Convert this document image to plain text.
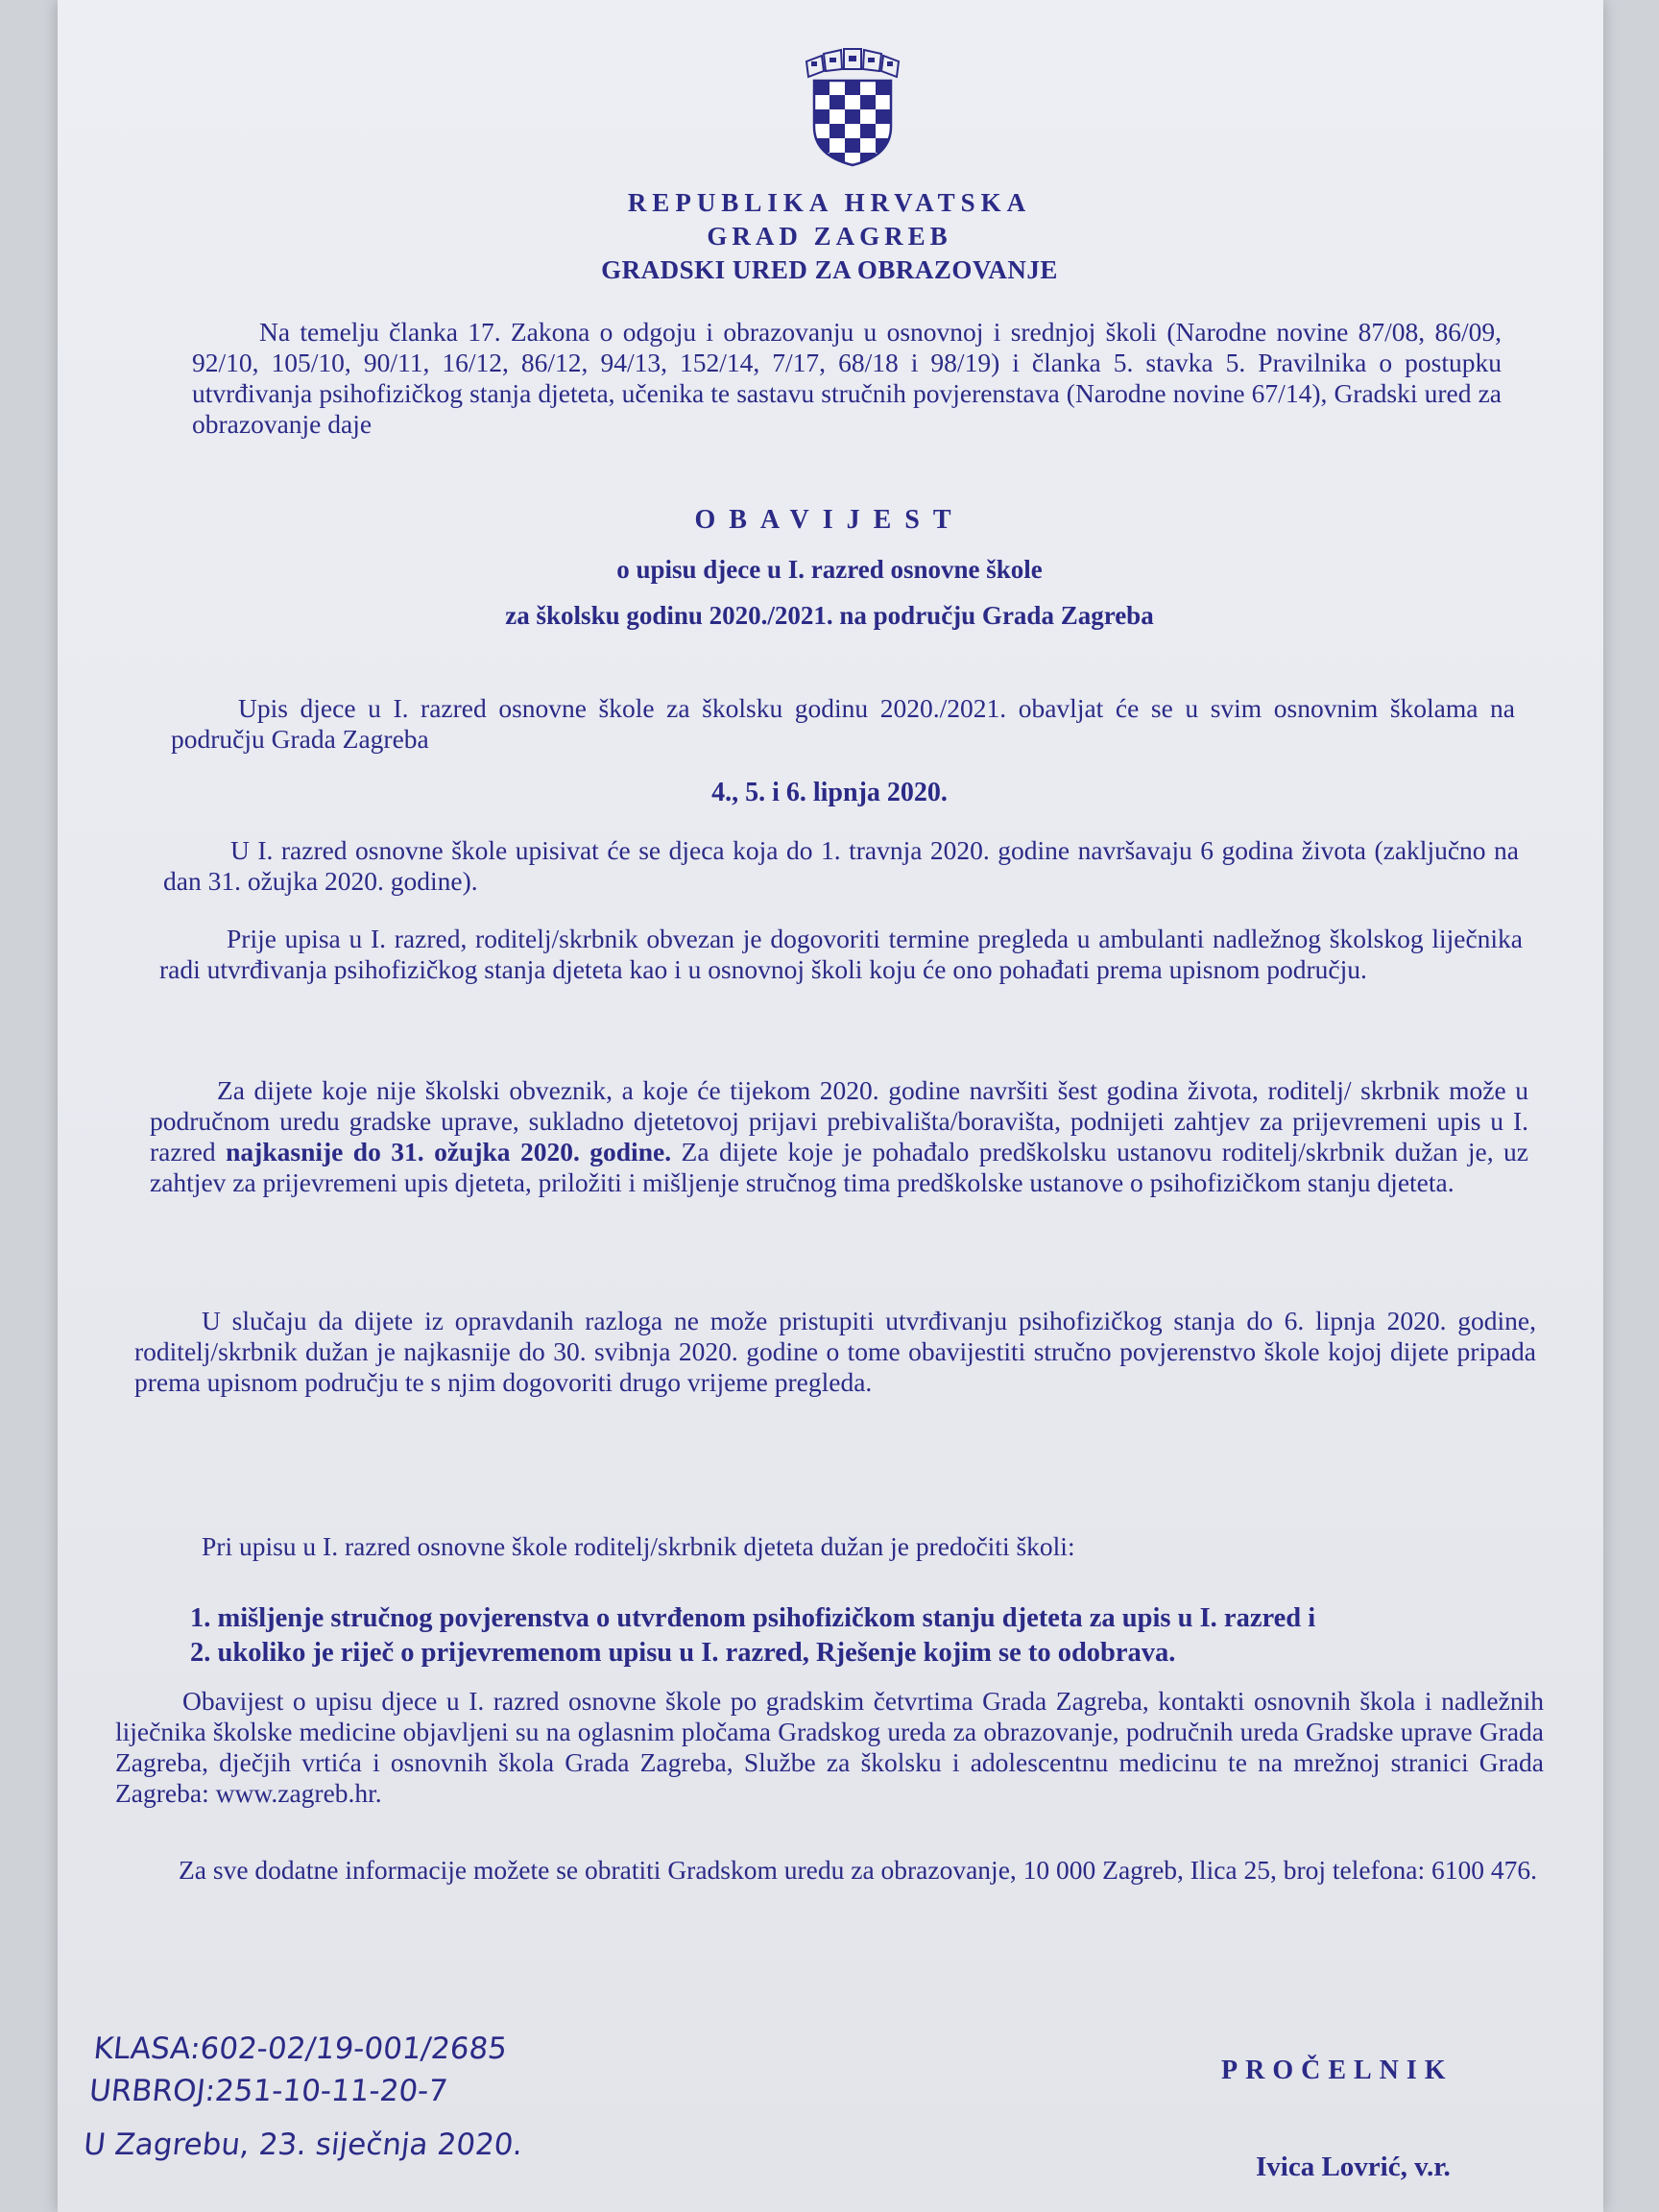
REPUBLIKA HRVATSKA
GRAD ZAGREB
GRADSKI URED ZA OBRAZOVANJE

Na temelju članka 17. Zakona o odgoju i obrazovanju u osnovnoj i srednjoj školi (Narodne novine 87/08, 86/09, 92/10, 105/10, 90/11, 16/12, 86/12, 94/13, 152/14, 7/17, 68/18 i 98/19) i članka 5. stavka 5. Pravilnika o postupku utvrđivanja psihofizičkog stanja djeteta, učenika te sastavu stručnih povjerenstava (Narodne novine 67/14), Gradski ured za obrazovanje daje

OBAVIJEST
o upisu djece u I. razred osnovne škole
za školsku godinu 2020./2021. na području Grada Zagreba

Upis djece u I. razred osnovne škole za školsku godinu 2020./2021. obavljat će se u svim osnovnim školama na području Grada Zagreba

4., 5. i 6. lipnja 2020.

U I. razred osnovne škole upisivat će se djeca koja do 1. travnja 2020. godine navršavaju 6 godina života (zaključno na dan 31. ožujka 2020. godine).

Prije upisa u I. razred, roditelj/skrbnik obvezan je dogovoriti termine pregleda u ambulanti nadležnog školskog liječnika radi utvrđivanja psihofizičkog stanja djeteta kao i u osnovnoj školi koju će ono pohađati prema upisnom području.

Za dijete koje nije školski obveznik, a koje će tijekom 2020. godine navršiti šest godina života, roditelj/ skrbnik može u područnom uredu gradske uprave, sukladno djetetovoj prijavi prebivališta/boravišta, podnijeti zahtjev za prijevremeni upis u I. razred najkasnije do 31. ožujka 2020. godine. Za dijete koje je pohađalo predškolsku ustanovu roditelj/skrbnik dužan je, uz zahtjev za prijevremeni upis djeteta, priložiti i mišljenje stručnog tima predškolske ustanove o psihofizičkom stanju djeteta.

U slučaju da dijete iz opravdanih razloga ne može pristupiti utvrđivanju psihofizičkog stanja do 6. lipnja 2020. godine, roditelj/skrbnik dužan je najkasnije do 30. svibnja 2020. godine o tome obavijestiti stručno povjerenstvo škole kojoj dijete pripada prema upisnom području te s njim dogovoriti drugo vrijeme pregleda.

Pri upisu u I. razred osnovne škole roditelj/skrbnik djeteta dužan je predočiti školi:

1. mišljenje stručnog povjerenstva o utvrđenom psihofizičkom stanju djeteta za upis u I. razred i

2. ukoliko je riječ o prijevremenom upisu u I. razred, Rješenje kojim se to odobrava.

Obavijest o upisu djece u I. razred osnovne škole po gradskim četvrtima Grada Zagreba, kontakti osnovnih škola i nadležnih liječnika školske medicine objavljeni su na oglasnim pločama Gradskog ureda za obrazovanje, područnih ureda Gradske uprave Grada Zagreba, dječjih vrtića i osnovnih škola Grada Zagreba, Službe za školsku i adolescentnu medicinu te na mrežnoj stranici Grada Zagreba: www.zagreb.hr.

Za sve dodatne informacije možete se obratiti Gradskom uredu za obrazovanje, 10 000 Zagreb, Ilica 25, broj telefona: 6100 476.

KLASA:602-02/19-001/2685
URBROJ:251-10-11-20-7
U Zagrebu, 23. siječnja 2020.
PROČELNIK
Ivica Lovrić, v.r.
